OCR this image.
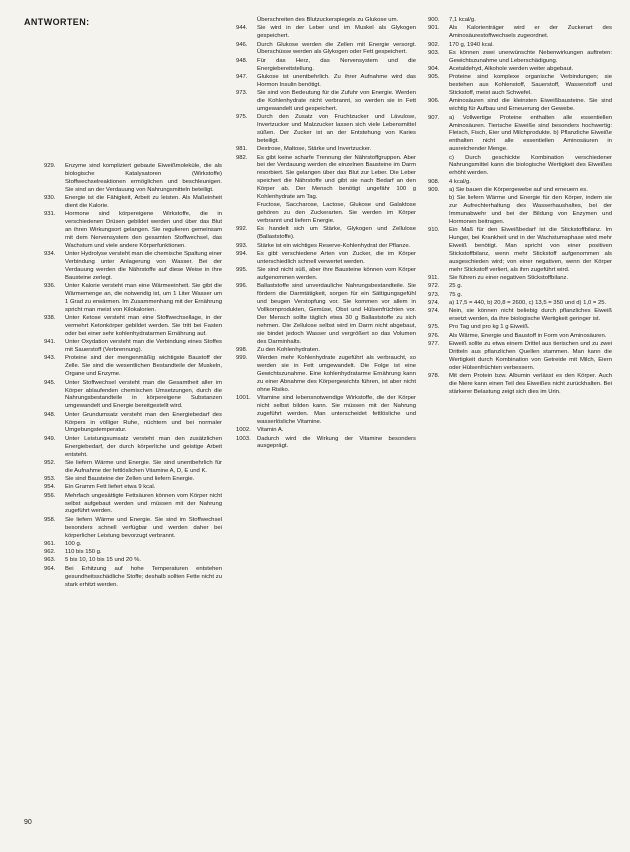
ANTWORTEN:
929.	Enzyme sind kompliziert gebaute Eiweißmoleküle, die als biologische Katalysatoren (Wirkstoffe) Stoffwechselreaktionen ermöglichen und beschleunigen. Sie sind an der Verdauung von Nahrungsmitteln beteiligt.
930.	Energie ist die Fähigkeit, Arbeit zu leisten. Als Maßeinheit dient die Kalorie.
931.	Hormone sind körpereigene Wirkstoffe, die in verschiedenen Drüsen gebildet werden und über das Blut an ihren Wirkungsort gelangen. Sie regulieren gemeinsam mit dem Nervensystem den gesamten Stoffwechsel, das Wachstum und viele andere Körperfunktionen.
934.	Unter Hydrolyse versteht man die chemische Spaltung einer Verbindung unter Anlagerung von Wasser. Bei der Verdauung werden die Nährstoffe auf diese Weise in ihre Bausteine zerlegt.
936.	Unter Kalorie versteht man eine Wärmeeinheit. Sie gibt die Wärmemenge an, die notwendig ist, um 1 Liter Wasser um 1 Grad zu erwärmen. Im Zusammenhang mit der Ernährung spricht man meist von Kilokalorien.
938.	Unter Ketose versteht man eine Stoffwechsellage, in der vermehrt Ketonkörper gebildet werden. Sie tritt bei Fasten oder bei einer sehr kohlenhydratarmen Ernährung auf.
941.	Unter Oxydation versteht man die Verbindung eines Stoffes mit Sauerstoff (Verbrennung).
943.	Proteine sind der mengenmäßig wichtigste Baustoff der Zelle. Sie sind die wesentlichen Bestandteile der Muskeln, Organe und Enzyme.
945.	Unter Stoffwechsel versteht man die Gesamtheit aller im Körper ablaufenden chemischen Umsetzungen, durch die Nahrungsbestandteile in körpereigene Substanzen umgewandelt und Energie bereitgestellt wird.
948.	Unter Grundumsatz versteht man den Energiebedarf des Körpers in völliger Ruhe, nüchtern und bei normaler Umgebungstemperatur.
949.	Unter Leistungsumsatz versteht man den zusätzlichen Energiebedarf, der durch körperliche und geistige Arbeit entsteht.
952.	Sie liefern Wärme und Energie. Sie sind unentbehrlich für die Aufnahme der fettlöslichen Vitamine A, D, E und K.
953.	Sie sind Bausteine der Zellen und liefern Energie.
954.	Ein Gramm Fett liefert etwa 9 kcal.
956.	Mehrfach ungesättigte Fettsäuren können vom Körper nicht selbst aufgebaut werden und müssen mit der Nahrung zugeführt werden.
958.	Sie liefern Wärme und Energie. Sie sind im Stoffwechsel besonders schnell verfügbar und werden daher bei körperlicher Leistung bevorzugt verbrannt.
961.	100 g.
962.	110 bis 150 g.
963.	5 bis 10, 10 bis 15 und 20 %.
964.	Bei Erhitzung auf hohe Temperaturen entstehen gesundheitsschädliche Stoffe; deshalb sollten Fette nicht zu stark erhitzt werden.
Überschreiten des Blutzuckerspiegels zu Glukose um.
944.	Sie wird in der Leber und im Muskel als Glykogen gespeichert.
946.	Durch Glukose werden die Zellen mit Energie versorgt. Überschüsse werden als Glykogen oder Fett gespeichert.
948.	Für das Herz, das Nervensystem und die Energiebereitstellung.
947.	Glukose ist unentbehrlich. Zu ihrer Aufnahme wird das Hormon Insulin benötigt.
973.	Sie sind von Bedeutung für die Zufuhr von Energie. Werden die Kohlenhydrate nicht verbrannt, so werden sie in Fett umgewandelt und gespeichert.
975.	Durch den Zusatz von Fruchtzucker und Lävulose, Invertzucker und Malzzucker lassen sich viele Lebensmittel süßen. Der Zucker ist an der Entstehung von Karies beteiligt.
981.	Dextrose, Maltose, Stärke und Invertzucker.
982.	Es gibt keine scharfe Trennung der Nährstoffgruppen. Aber bei der Verdauung werden die einzelnen Bausteine im Darm resorbiert. Sie gelangen über das Blut zur Leber. Die Leber speichert die Nährstoffe und gibt sie nach Bedarf an den Körper ab. Der Mensch benötigt ungefähr 100 g Kohlenhydrate am Tag.
Fructose, Saccharose, Lactose, Glukose und Galaktose gehören zu den Zuckerarten. Sie werden im Körper verbrannt und liefern Energie.
992.	Es handelt sich um Stärke, Glykogen und Zellulose (Ballaststoffe).
993.	Stärke ist ein wichtiges Reserve-Kohlenhydrat der Pflanze.
994.	Es gibt verschiedene Arten von Zucker, die im Körper unterschiedlich schnell verwertet werden.
995.	Sie sind nicht süß, aber ihre Bausteine können vom Körper aufgenommen werden.
996.	Ballaststoffe sind unverdauliche Nahrungsbestandteile. Sie fördern die Darmtätigkeit, sorgen für ein Sättigungsgefühl und beugen Verstopfung vor. Sie kommen vor allem in Vollkornprodukten, Gemüse, Obst und Hülsenfrüchten vor. Der Mensch sollte täglich etwa 30 g Ballaststoffe zu sich nehmen. Die Zellulose selbst wird im Darm nicht abgebaut, sie bindet jedoch Wasser und vergrößert so das Volumen des Darminhalts.
998.	Zu den Kohlenhydraten.
999.	Werden mehr Kohlenhydrate zugeführt als verbraucht, so werden sie in Fett umgewandelt. Die Folge ist eine Gewichtszunahme. Eine kohlenhydratarme Ernährung kann zu einer Abnahme des Körpergewichts führen, ist aber nicht ohne Risiko.
1001.	Vitamine sind lebensnotwendige Wirkstoffe, die der Körper nicht selbst bilden kann. Sie müssen mit der Nahrung zugeführt werden. Man unterscheidet fettlösliche und wasserlösliche Vitamine.
1002.	Vitamin A.
1003.	Dadurch wird die Wirkung der Vitamine besonders ausgeprägt.
900.	7,1 kcal/g.
901.	Als Kalorienträger wird er der Zuckerart des Aminosäurestoffwechsels zugeordnet.
902.	170 g, 1940 kcal.
903.	Es können zwei unerwünschte Nebenwirkungen auftreten: Gewichtszunahme und Leberschädigung.
904.	Acetaldehyd, Alkohole werden weiter abgebaut.
905.	Proteine sind komplexe organische Verbindungen; sie bestehen aus Kohlenstoff, Sauerstoff, Wasserstoff und Stickstoff, meist auch Schwefel.
906.	Aminosäuren sind die kleinsten Eiweißbausteine. Sie sind wichtig für Aufbau und Erneuerung der Gewebe.
907.	a) Vollwertige Proteine enthalten alle essentiellen Aminosäuren. Tierische Eiweiße sind besonders hochwertig: Fleisch, Fisch, Eier und Milchprodukte. b) Pflanzliche Eiweiße enthalten nicht alle essentiellen Aminosäuren in ausreichender Menge.
c) Durch geschickte Kombination verschiedener Nahrungsmittel kann die biologische Wertigkeit des Eiweißes erhöht werden.
908.	4 kcal/g.
909.	a) Sie bauen die Körpergewebe auf und erneuern es.
b) Sie liefern Wärme und Energie für den Körper, indem sie zur Aufrechterhaltung des Wasserhaushaltes, bei der Immunabwehr und bei der Bildung von Enzymen und Hormonen beitragen.
910.	Ein Maß für den Eiweißbedarf ist die Stickstoffbilanz. Im Hunger, bei Krankheit und in der Wachstumsphase wird mehr Eiweiß benötigt. Man spricht von einer positiven Stickstoffbilanz, wenn mehr Stickstoff aufgenommen als ausgeschieden wird; von einer negativen, wenn der Körper mehr Stickstoff verliert, als ihm zugeführt wird.
911.	Sie führen zu einer negativen Stickstoffbilanz.
972.	25 g.
973.	75 g.
974.	a) 17,5 = 440, b) 20,8 = 2600, c) 13,5 = 350 und d) 1,0 = 25.
974.	Nein, sie können nicht beliebig durch pflanzliches Eiweiß ersetzt werden, da ihre biologische Wertigkeit geringer ist.
975.	Pro Tag und pro kg 1 g Eiweiß.
976.	Als Wärme, Energie und Baustoff in Form von Aminosäuren.
977.	Eiweiß sollte zu etwa einem Drittel aus tierischen und zu zwei Dritteln aus pflanzlichen Quellen stammen. Man kann die Wertigkeit durch Kombination von Getreide mit Milch, Eiern oder Hülsenfrüchten verbessern.
978.	Mit dem Protein bzw. Albumin verlässt es den Körper. Auch die Niere kann einen Teil des Eiweißes nicht zurückhalten. Bei stärkerer Belastung zeigt sich dies im Urin.
90
